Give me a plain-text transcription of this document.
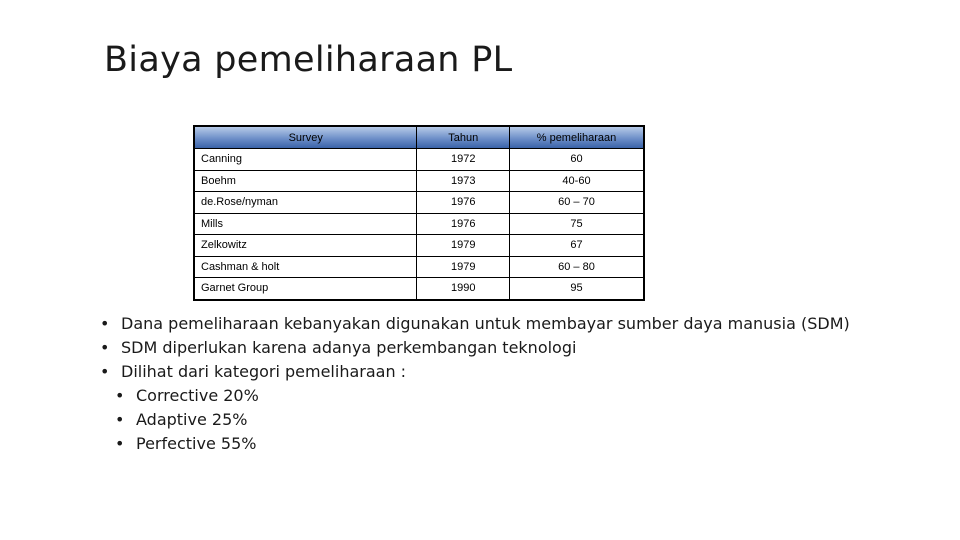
Biaya pemeliharaan PL
Survey	Tahun	% pemeliharaan
Canning	1972	60
Boehm	1973	40-60
de.Rose/nyman	1976	60 – 70
Mills	1976	75
Zelkowitz	1979	67
Cashman & holt	1979	60 – 80
Garnet Group	1990	95
• Dana pemeliharaan kebanyakan digunakan untuk membayar sumber daya manusia (SDM)
• SDM diperlukan karena adanya perkembangan teknologi
• Dilihat dari kategori pemeliharaan :
• Corrective 20%
• Adaptive 25%
• Perfective 55%
